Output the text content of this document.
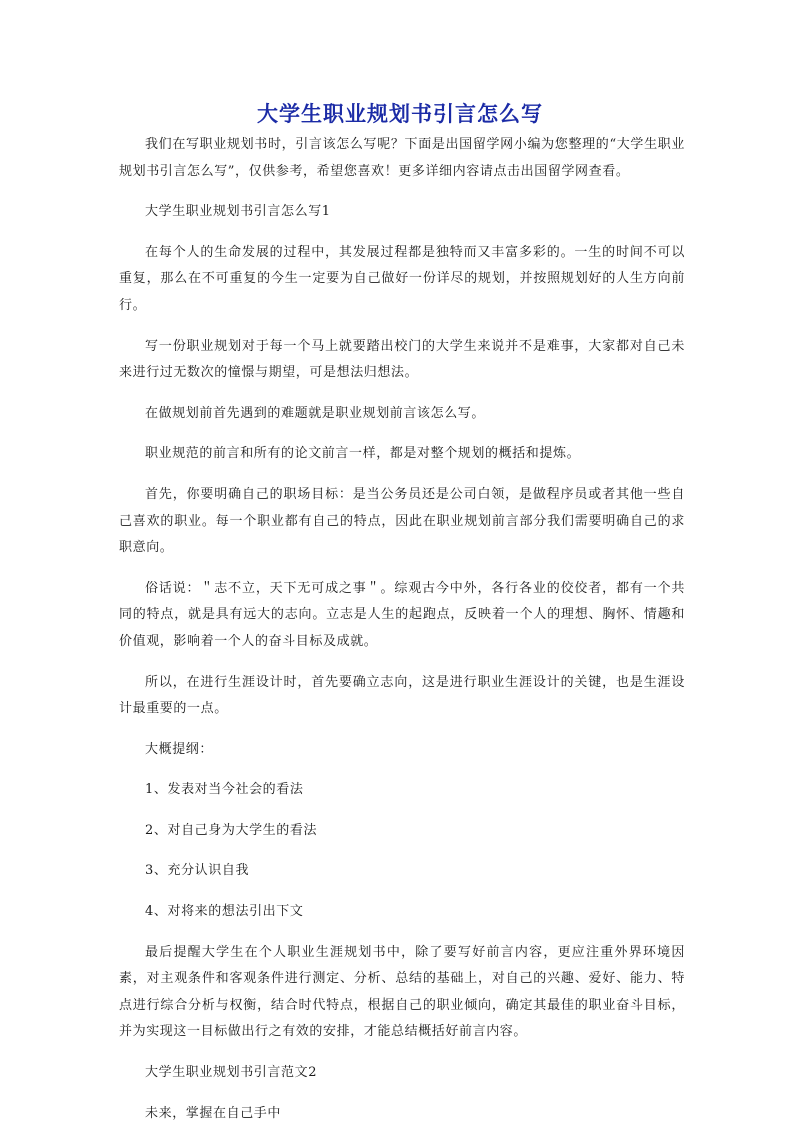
大学生职业规划书引言怎么写

我们在写职业规划书时，引言该怎么写呢？下面是出国留学网小编为您整理的“大学生职业规划书引言怎么写”，仅供参考，希望您喜欢！更多详细内容请点击出国留学网查看。

大学生职业规划书引言怎么写1

在每个人的生命发展的过程中，其发展过程都是独特而又丰富多彩的。一生的时间不可以重复，那么在不可重复的今生一定要为自己做好一份详尽的规划，并按照规划好的人生方向前行。

写一份职业规划对于每一个马上就要踏出校门的大学生来说并不是难事，大家都对自己未来进行过无数次的憧憬与期望，可是想法归想法。

在做规划前首先遇到的难题就是职业规划前言该怎么写。

职业规范的前言和所有的论文前言一样，都是对整个规划的概括和提炼。

首先，你要明确自己的职场目标：是当公务员还是公司白领，是做程序员或者其他一些自己喜欢的职业。每一个职业都有自己的特点，因此在职业规划前言部分我们需要明确自己的求职意向。

俗话说：＂志不立，天下无可成之事＂。综观古今中外，各行各业的佼佼者，都有一个共同的特点，就是具有远大的志向。立志是人生的起跑点，反映着一个人的理想、胸怀、情趣和价值观，影响着一个人的奋斗目标及成就。

所以，在进行生涯设计时，首先要确立志向，这是进行职业生涯设计的关键，也是生涯设计最重要的一点。

大概提纲：

1、发表对当今社会的看法

2、对自己身为大学生的看法

3、充分认识自我

4、对将来的想法引出下文

最后提醒大学生在个人职业生涯规划书中，除了要写好前言内容，更应注重外界环境因素，对主观条件和客观条件进行测定、分析、总结的基础上，对自己的兴趣、爱好、能力、特点进行综合分析与权衡，结合时代特点，根据自己的职业倾向，确定其最佳的职业奋斗目标，并为实现这一目标做出行之有效的安排，才能总结概括好前言内容。

大学生职业规划书引言范文2

未来，掌握在自己手中
